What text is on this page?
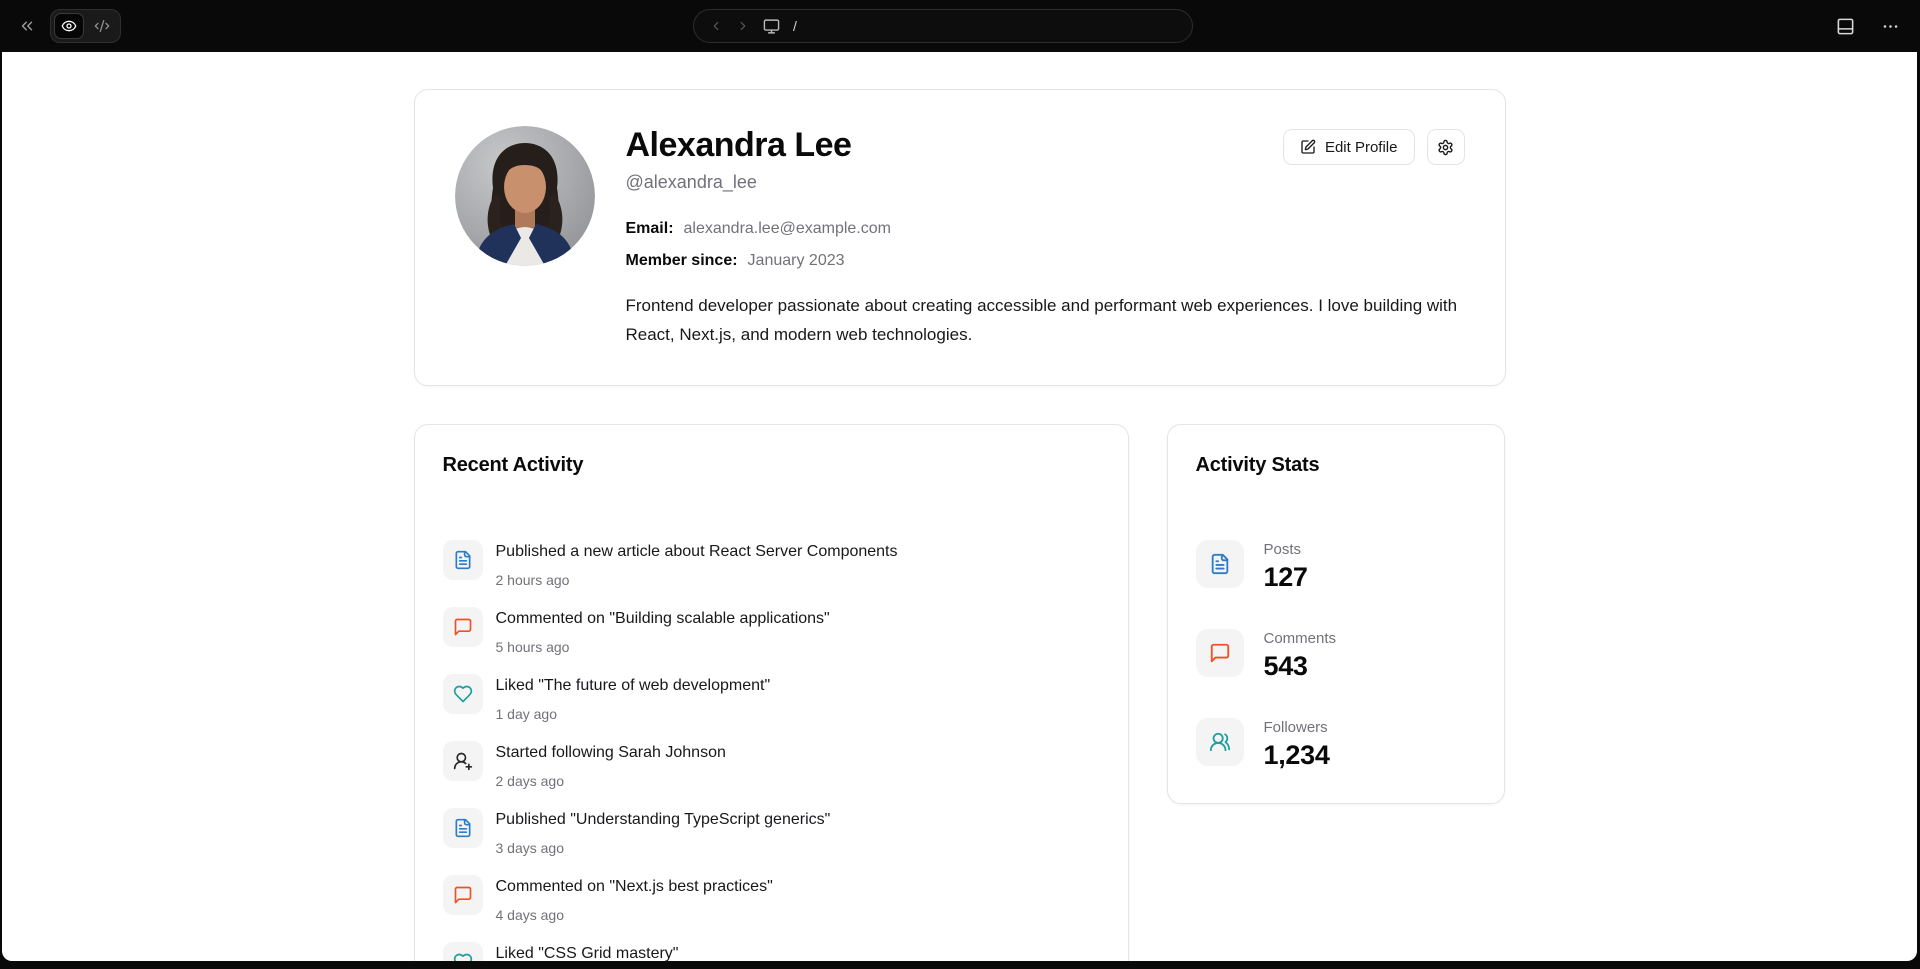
/
Alexandra Lee
@alexandra_lee
Edit Profile
Email: alexandra.lee@example.com
Member since: January 2023
Frontend developer passionate about creating accessible and performant web experiences. I love building with React, Next.js, and modern web technologies.
Recent Activity
Published a new article about React Server Components
2 hours ago
Commented on "Building scalable applications"
5 hours ago
Liked "The future of web development"
1 day ago
Started following Sarah Johnson
2 days ago
Published "Understanding TypeScript generics"
3 days ago
Commented on "Next.js best practices"
4 days ago
Liked "CSS Grid mastery"
Activity Stats
Posts
127
Comments
543
Followers
1,234
